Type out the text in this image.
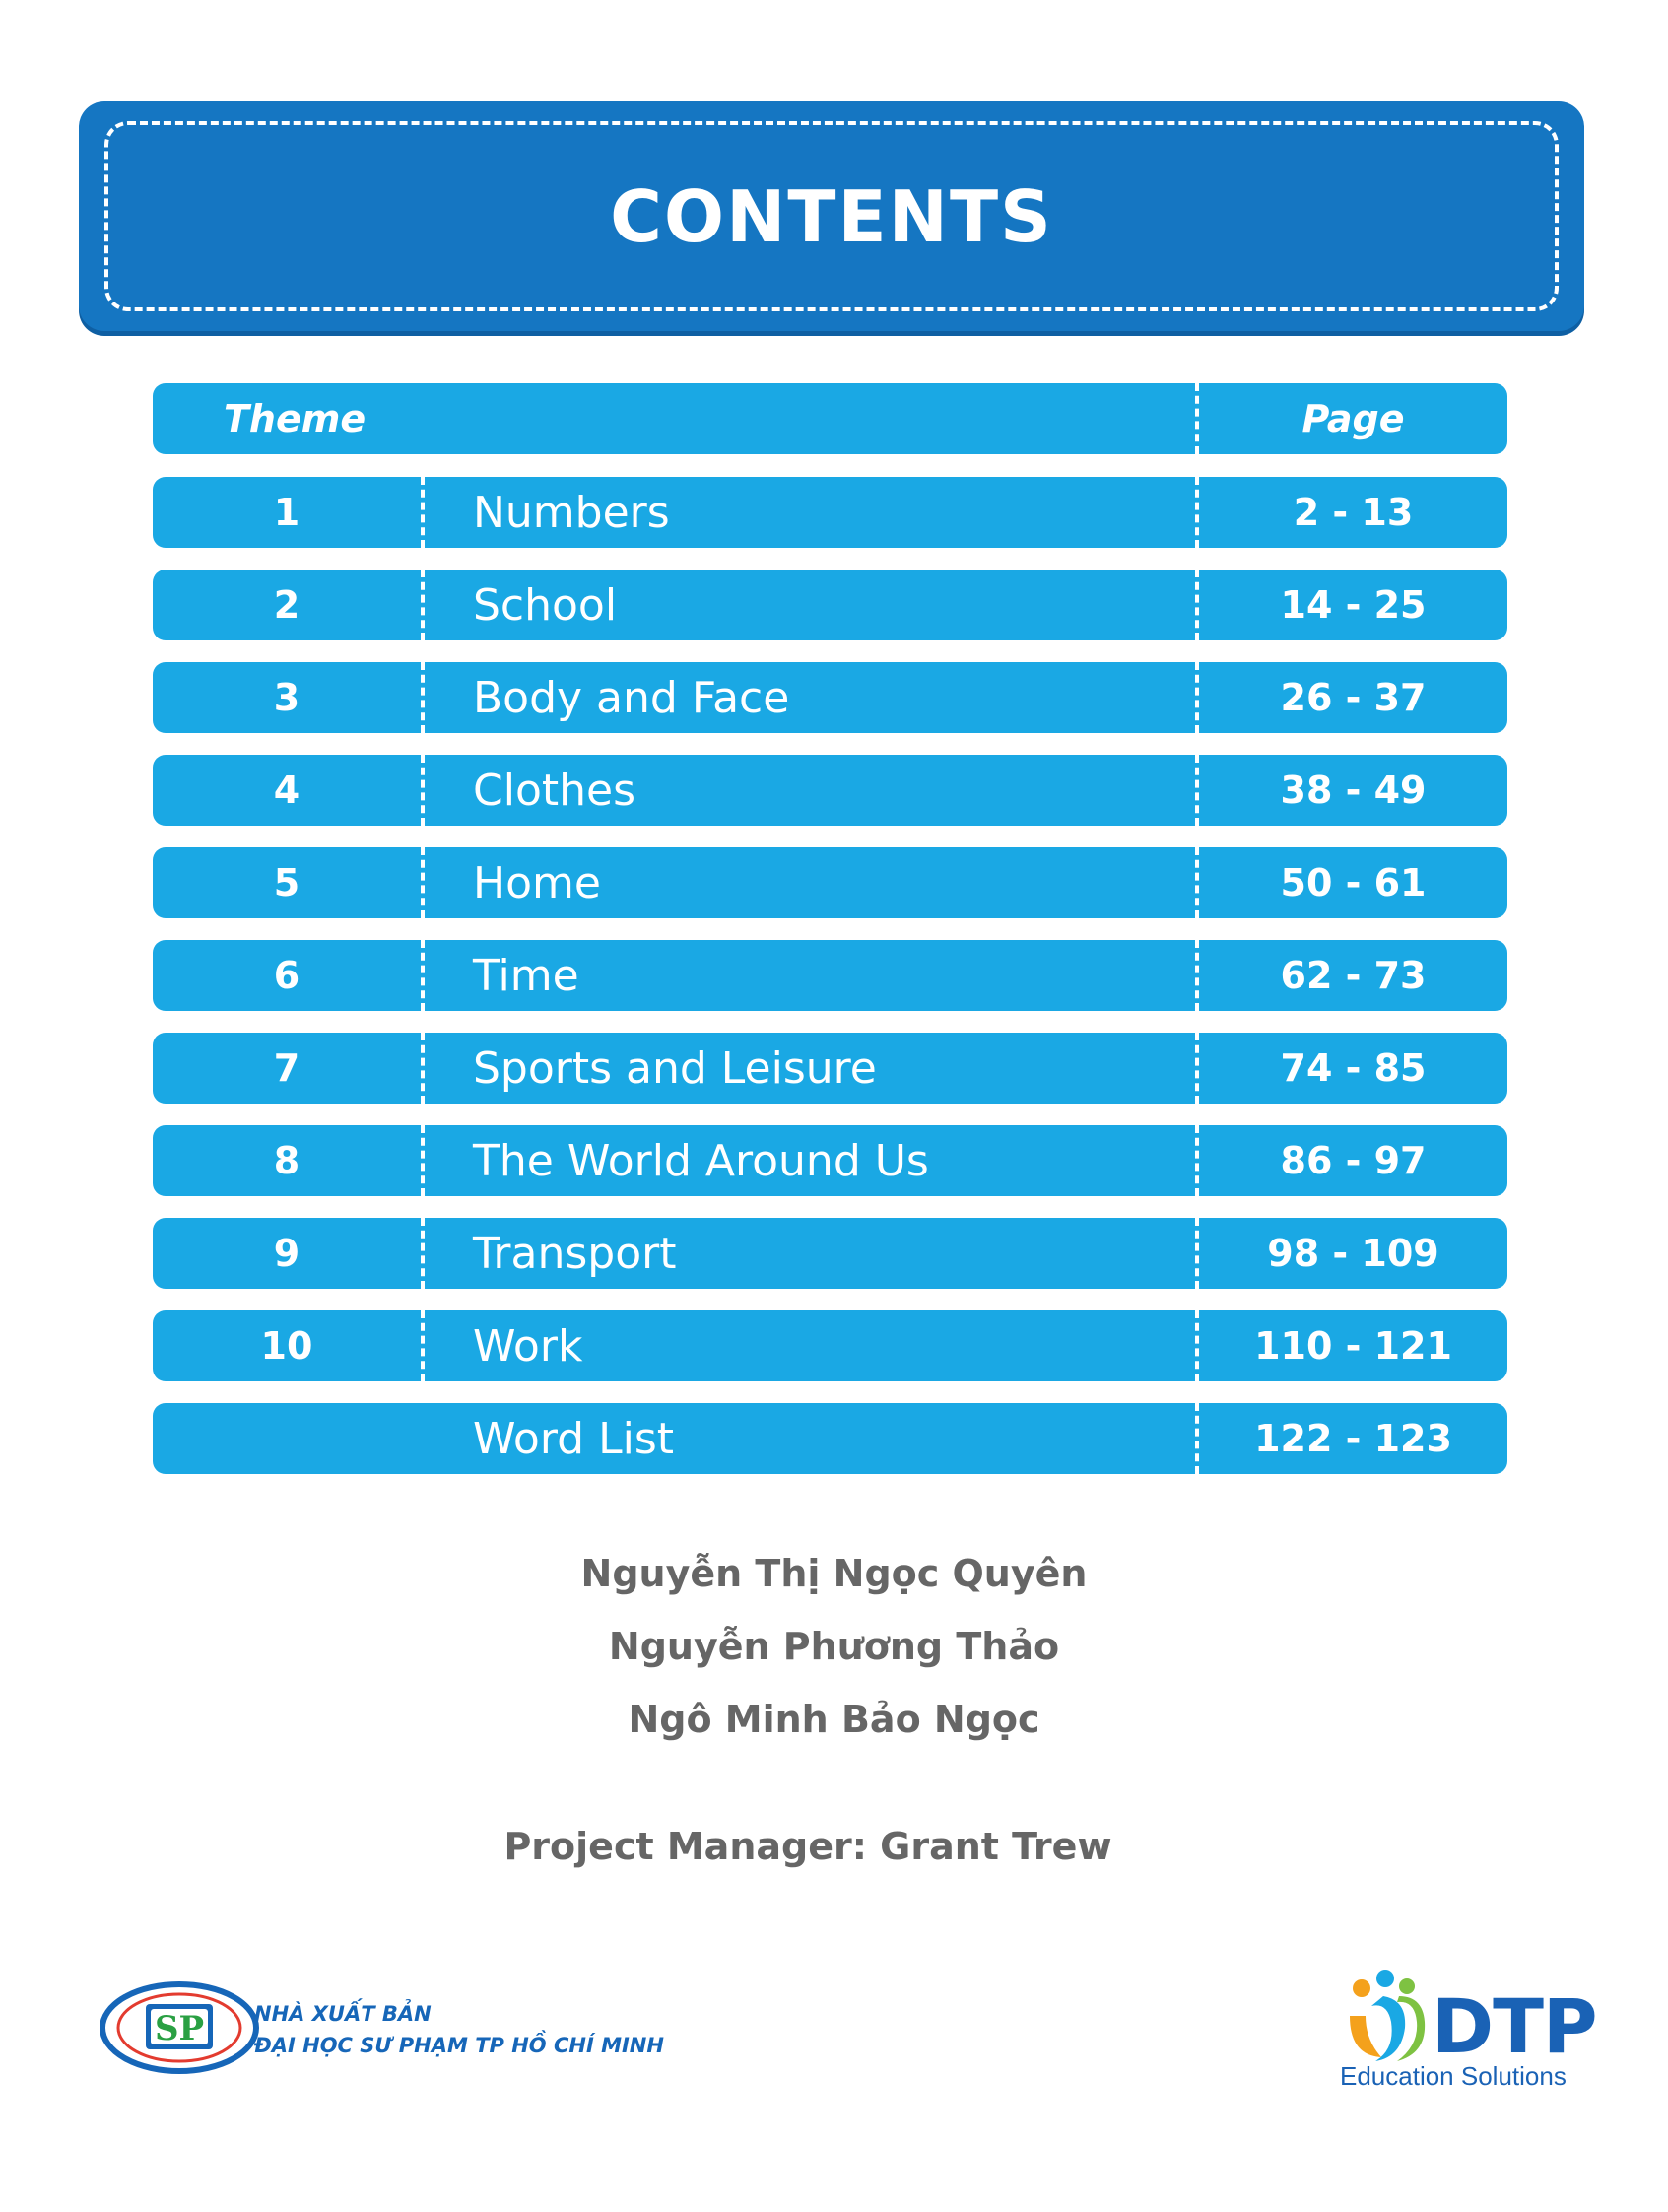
CONTENTS
Theme	Page
1	Numbers	2 - 13
2	School	14 - 25
3	Body and Face	26 - 37
4	Clothes	38 - 49
5	Home	50 - 61
6	Time	62 - 73
7	Sports and Leisure	74 - 85
8	The World Around Us	86 - 97
9	Transport	98 - 109
10	Work	110 - 121
Word List	122 - 123
Nguyễn Thị Ngọc Quyên
Nguyễn Phương Thảo
Ngô Minh Bảo Ngọc
Project Manager: Grant Trew
SP NHÀ XUẤT BẢN
ĐẠI HỌC SƯ PHẠM TP HỒ CHÍ MINH	DTP
Education Solutions
